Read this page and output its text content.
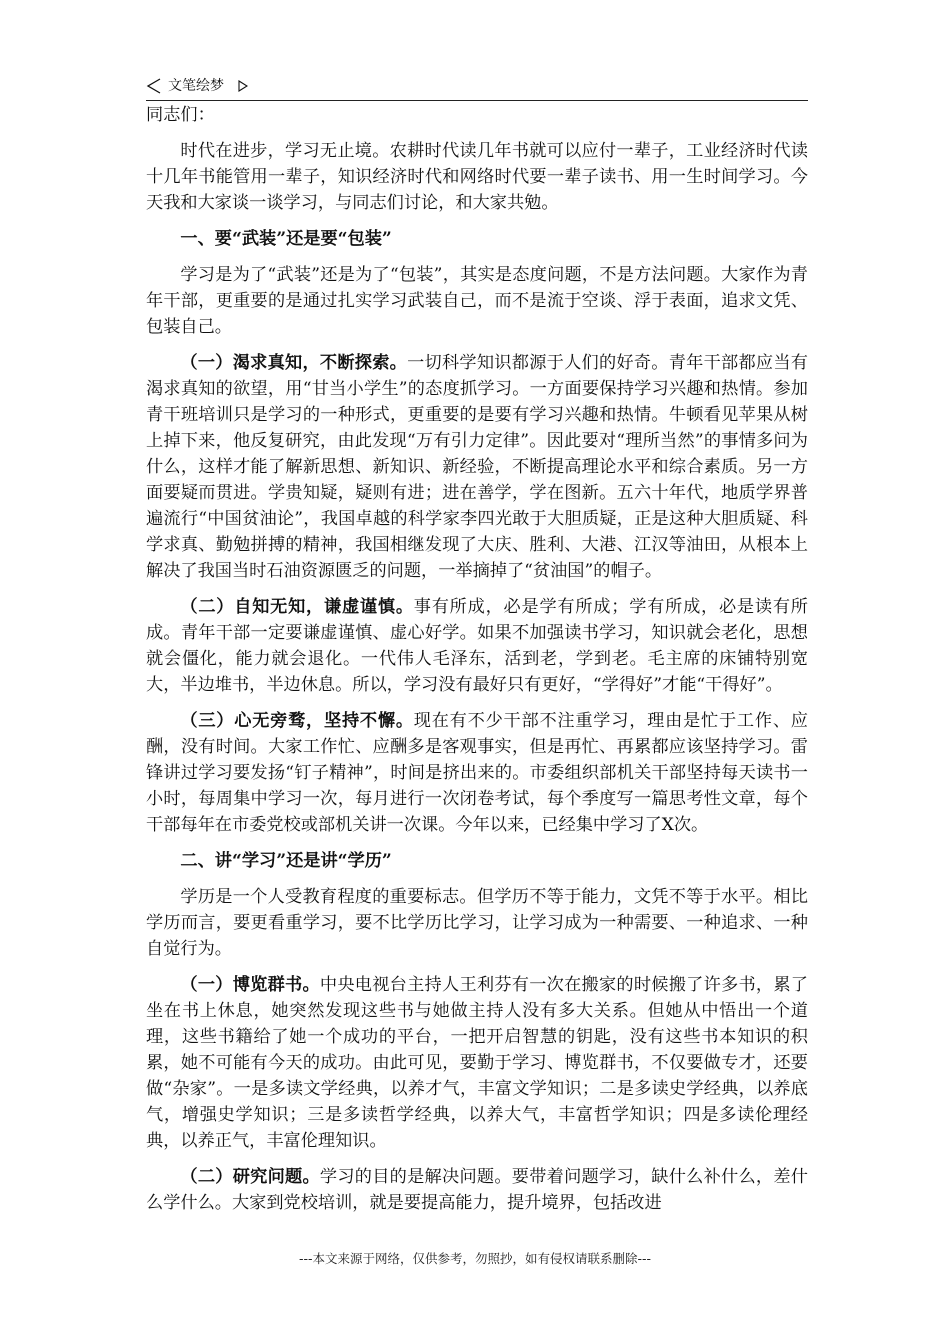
文笔绘梦

同志们：

时代在进步，学习无止境。农耕时代读几年书就可以应付一辈子，工业经济时代读十几年书能管用一辈子，知识经济时代和网络时代要一辈子读书、用一生时间学习。今天我和大家谈一谈学习，与同志们讨论，和大家共勉。

一、要“武装”还是要“包装”

学习是为了“武装”还是为了“包装”，其实是态度问题，不是方法问题。大家作为青年干部，更重要的是通过扎实学习武装自己，而不是流于空谈、浮于表面，追求文凭、包装自己。

（一）渴求真知，不断探索。一切科学知识都源于人们的好奇。青年干部都应当有渴求真知的欲望，用“甘当小学生”的态度抓学习。一方面要保持学习兴趣和热情。参加青干班培训只是学习的一种形式，更重要的是要有学习兴趣和热情。牛顿看见苹果从树上掉下来，他反复研究，由此发现“万有引力定律”。因此要对“理所当然”的事情多问为什么，这样才能了解新思想、新知识、新经验，不断提高理论水平和综合素质。另一方面要疑而贯进。学贵知疑，疑则有进；进在善学，学在图新。五六十年代，地质学界普遍流行“中国贫油论”，我国卓越的科学家李四光敢于大胆质疑，正是这种大胆质疑、科学求真、勤勉拼搏的精神，我国相继发现了大庆、胜利、大港、江汉等油田，从根本上解决了我国当时石油资源匮乏的问题，一举摘掉了“贫油国”的帽子。

（二）自知无知，谦虚谨慎。事有所成，必是学有所成；学有所成，必是读有所成。青年干部一定要谦虚谨慎、虚心好学。如果不加强读书学习，知识就会老化，思想就会僵化，能力就会退化。一代伟人毛泽东，活到老，学到老。毛主席的床铺特别宽大，半边堆书，半边休息。所以，学习没有最好只有更好，“学得好”才能“干得好”。

（三）心无旁骛，坚持不懈。现在有不少干部不注重学习，理由是忙于工作、应酬，没有时间。大家工作忙、应酬多是客观事实，但是再忙、再累都应该坚持学习。雷锋讲过学习要发扬“钉子精神”，时间是挤出来的。市委组织部机关干部坚持每天读书一小时，每周集中学习一次，每月进行一次闭卷考试，每个季度写一篇思考性文章，每个干部每年在市委党校或部机关讲一次课。今年以来，已经集中学习了X次。

二、讲“学习”还是讲“学历”

学历是一个人受教育程度的重要标志。但学历不等于能力，文凭不等于水平。相比学历而言，要更看重学习，要不比学历比学习，让学习成为一种需要、一种追求、一种自觉行为。

（一）博览群书。中央电视台主持人王利芬有一次在搬家的时候搬了许多书，累了坐在书上休息，她突然发现这些书与她做主持人没有多大关系。但她从中悟出一个道理，这些书籍给了她一个成功的平台，一把开启智慧的钥匙，没有这些书本知识的积累，她不可能有今天的成功。由此可见，要勤于学习、博览群书，不仅要做专才，还要做“杂家”。一是多读文学经典，以养才气，丰富文学知识；二是多读史学经典，以养底气，增强史学知识；三是多读哲学经典，以养大气，丰富哲学知识；四是多读伦理经典，以养正气，丰富伦理知识。

（二）研究问题。学习的目的是解决问题。要带着问题学习，缺什么补什么，差什么学什么。大家到党校培训，就是要提高能力，提升境界，包括改进

---本文来源于网络，仅供参考，勿照抄，如有侵权请联系删除---
